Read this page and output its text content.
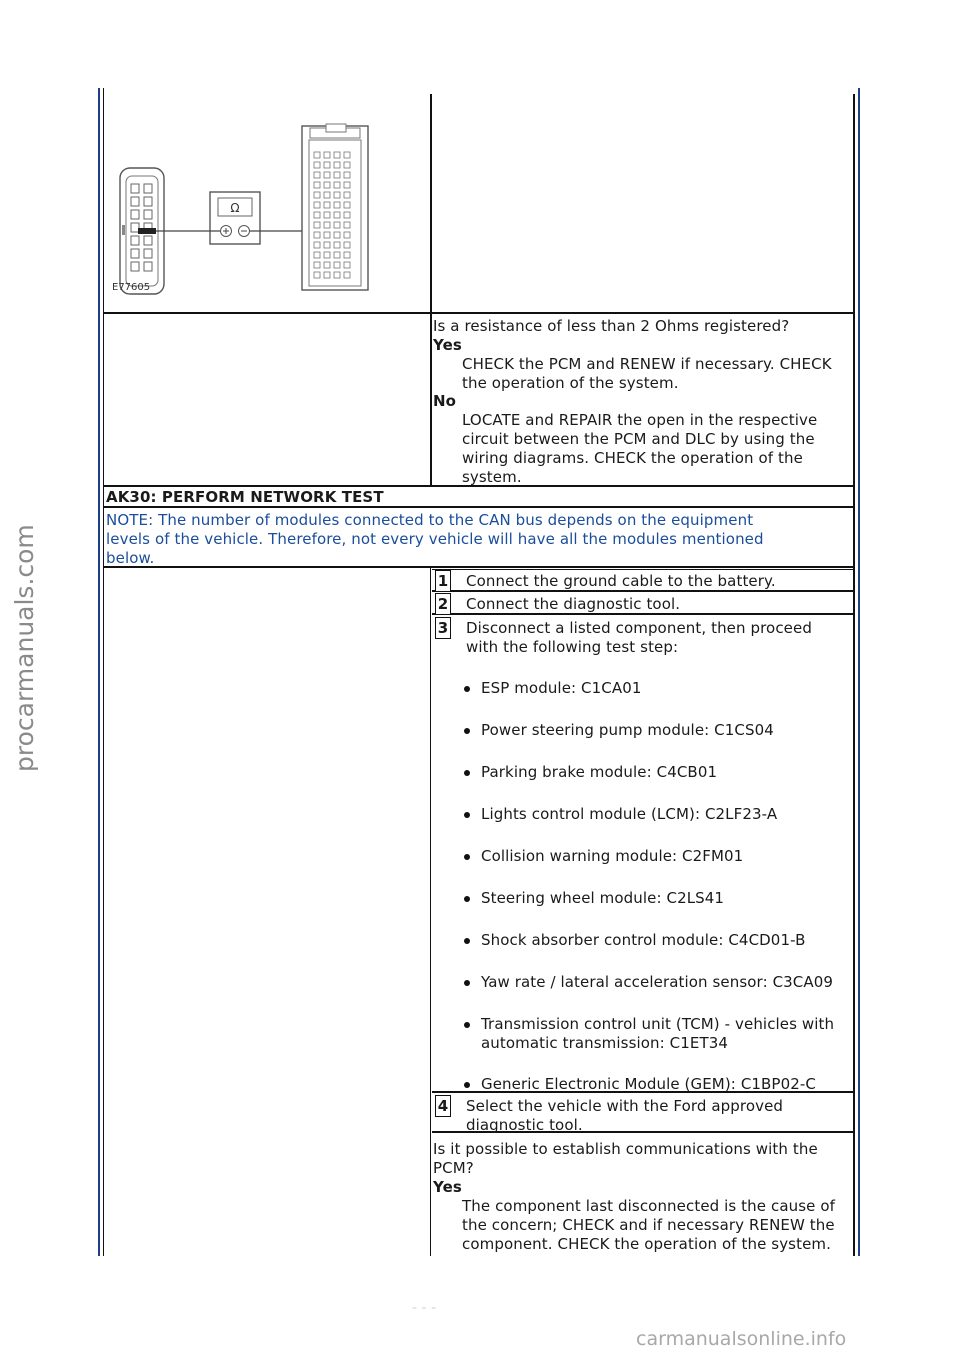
Ω
E77605
Is a resistance of less than 2 Ohms registered?
Yes
CHECK the PCM and RENEW if necessary. CHECK
the operation of the system.
No
LOCATE and REPAIR the open in the respective
circuit between the PCM and DLC by using the
wiring diagrams. CHECK the operation of the
system.
AK30: PERFORM NETWORK TEST
NOTE: The number of modules connected to the CAN bus depends on the equipment
levels of the vehicle. Therefore, not every vehicle will have all the modules mentioned
below.
1 Connect the ground cable to the battery.
2 Connect the diagnostic tool.
3 Disconnect a listed component, then proceed
with the following test step:
ESP module: C1CA01
Power steering pump module: C1CS04
Parking brake module: C4CB01
Lights control module (LCM): C2LF23-A
Collision warning module: C2FM01
Steering wheel module: C2LS41
Shock absorber control module: C4CD01-B
Yaw rate / lateral acceleration sensor: C3CA09
Transmission control unit (TCM) - vehicles with
automatic transmission: C1ET34
Generic Electronic Module (GEM): C1BP02-C
4 Select the vehicle with the Ford approved
diagnostic tool.
Is it possible to establish communications with the
PCM?
Yes
The component last disconnected is the cause of
the concern; CHECK and if necessary RENEW the
component. CHECK the operation of the system.
- - -
procarmanuals.com
carmanualsonline.info
